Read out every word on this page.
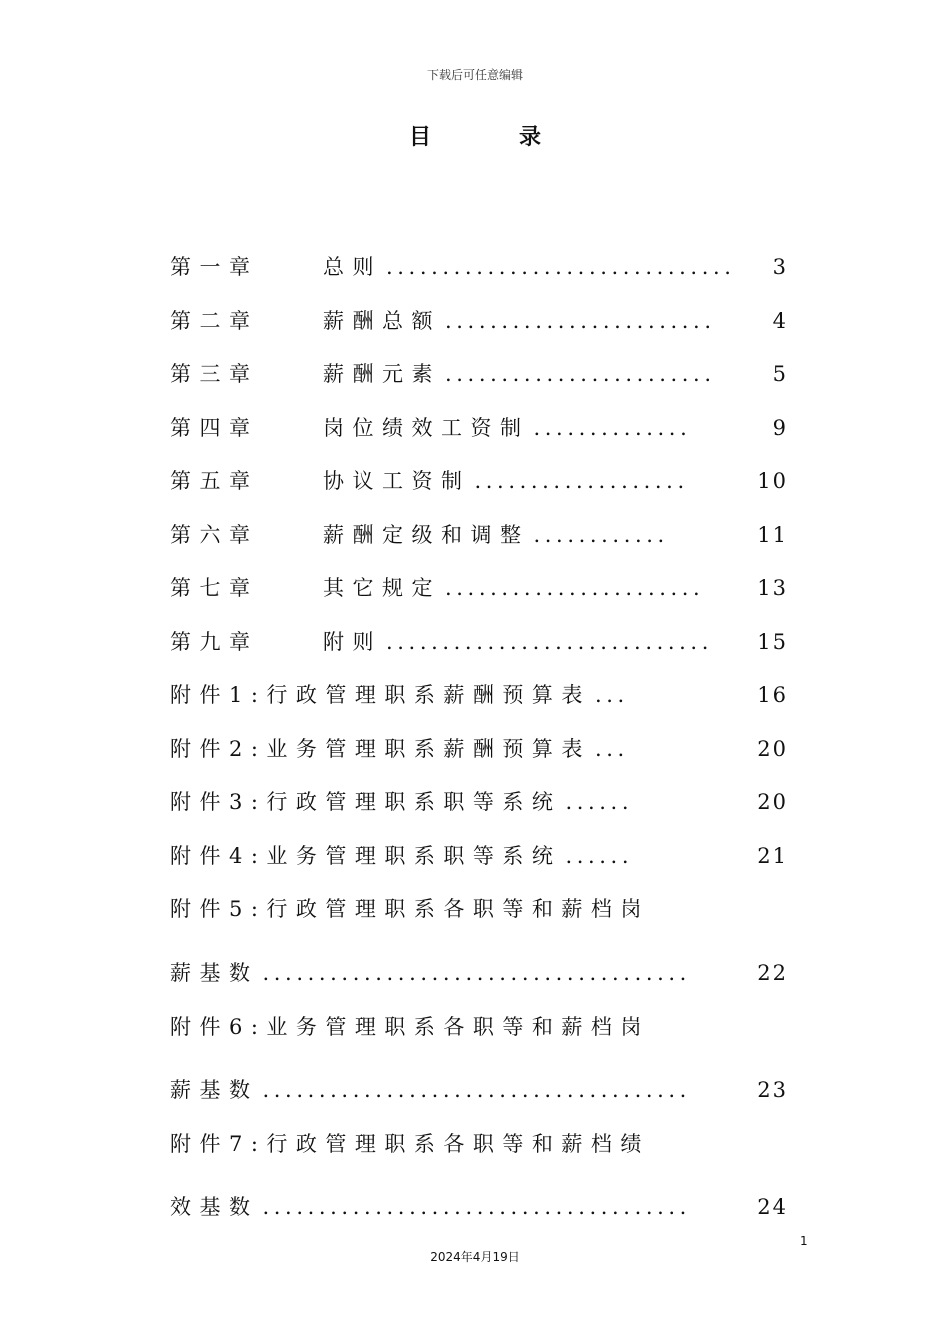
下载后可任意编辑
目录
第一章	总则 ...............................	3
第二章	薪酬总额 ........................	4
第三章	薪酬元素 ........................	5
第四章	岗位绩效工资制 ..............	9
第五章	协议工资制 ...................	10
第六章	薪酬定级和调整 ............	11
第七章	其它规定 .......................	13
第九章	附则 .............................	15
附件1:行政管理职系薪酬预算表 ...	16
附件2:业务管理职系薪酬预算表 ...	20
附件3:行政管理职系职等系统 ......	20
附件4:业务管理职系职等系统 ......	21
附件5:行政管理职系各职等和薪档岗
薪基数 ......................................	22
附件6:业务管理职系各职等和薪档岗
薪基数 ......................................	23
附件7:行政管理职系各职等和薪档绩
效基数 ......................................	24
1
2024年4月19日
